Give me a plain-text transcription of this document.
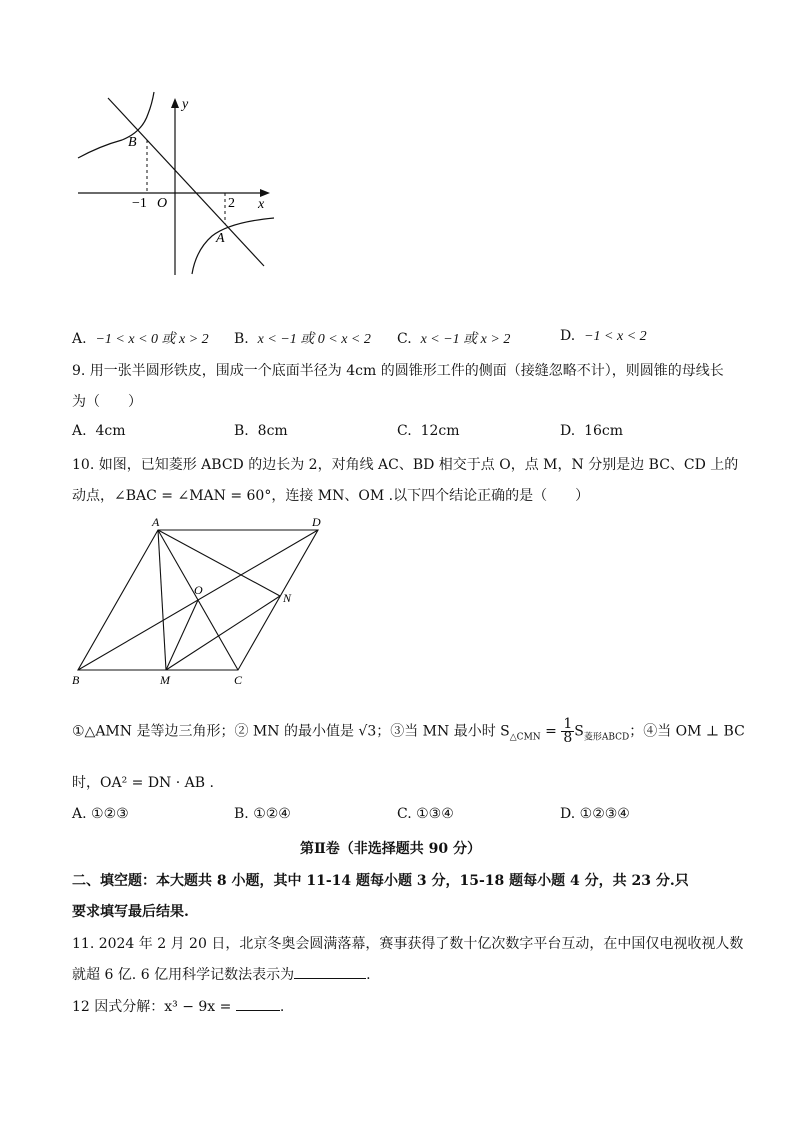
y
x
O
−1	2
B
A
A. −1 < x < 0 或 x > 2 B. x < −1 或 0 < x < 2 C. x < −1 或 x > 2	D. −1 < x < 2
9. 用一张半圆形铁皮，围成一个底面半径为 4cm 的圆锥形工件的侧面（接缝忽略不计），则圆锥的母线长
为（　　）
A. 4cm	B. 8cm	C. 12cm	D. 16cm
10. 如图，已知菱形 ABCD 的边长为 2，对角线 AC、BD 相交于点 O，点 M，N 分别是边 BC、CD 上的
动点，∠BAC = ∠MAN = 60°，连接 MN、OM .以下四个结论正确的是（　　）
A	D
O
N
B	M	C
①△AMN 是等边三角形；② MN 的最小值是 √3；③当 MN 最小时 $S_{\triangle CMN} = \frac{1}{8} S_{菱形ABCD}$；④当 OM ⊥ BC
时，OA² = DN · AB .
A. ①②③	B. ①②④	C. ①③④	D. ①②③④
第Ⅱ卷（非选择题共 90 分）
二、填空题：本大题共 8 小题，其中 11-14 题每小题 3 分，15-18 题每小题 4 分，共 23 分.只
要求填写最后结果.
11. 2024 年 2 月 20 日，北京冬奥会圆满落幕，赛事获得了数十亿次数字平台互动，在中国仅电视收视人数
就超 6 亿. 6 亿用科学记数法表示为	.
12 因式分解：x³ − 9x =	.
